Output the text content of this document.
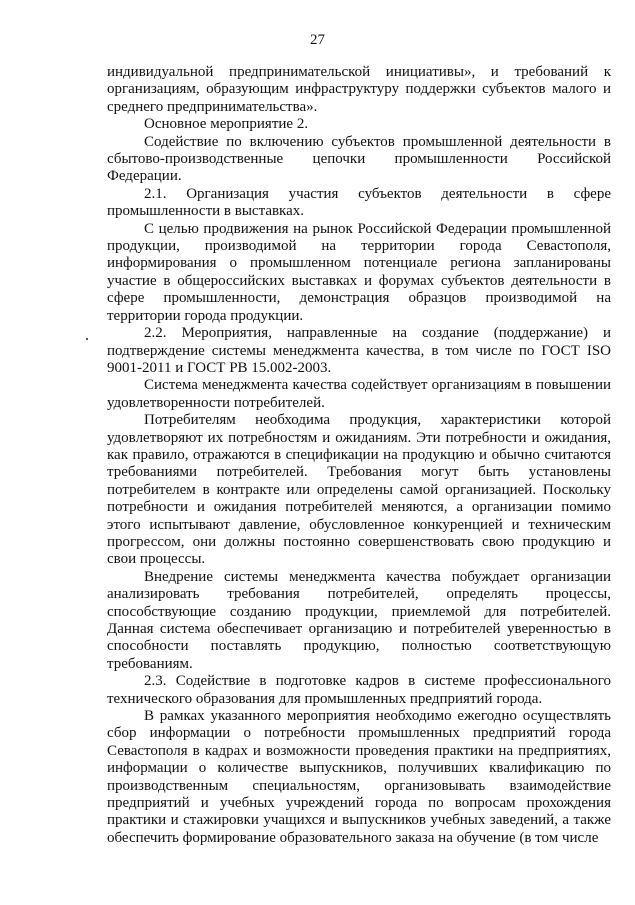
27

индивидуальной предпринимательской инициативы», и требований к организациям, образующим инфраструктуру поддержки субъектов малого и среднего предпринимательства».

Основное мероприятие 2.

Содействие по включению субъектов промышленной деятельности в сбытово-производственные цепочки промышленности Российской Федерации.

2.1. Организация участия субъектов деятельности в сфере промышленности в выставках.

С целью продвижения на рынок Российской Федерации промышленной продукции, производимой на территории города Севастополя, информирования о промышленном потенциале региона запланированы участие в общероссийских выставках и форумах субъектов деятельности в сфере промышленности, демонстрация образцов производимой на территории города продукции.

2.2. Мероприятия, направленные на создание (поддержание) и подтверждение системы менеджмента качества, в том числе по ГОСТ ISO 9001-2011 и ГОСТ РВ 15.002-2003.

Система менеджмента качества содействует организациям в повышении удовлетворенности потребителей.

Потребителям необходима продукция, характеристики которой удовлетворяют их потребностям и ожиданиям. Эти потребности и ожидания, как правило, отражаются в спецификации на продукцию и обычно считаются требованиями потребителей. Требования могут быть установлены потребителем в контракте или определены самой организацией. Поскольку потребности и ожидания потребителей меняются, а организации помимо этого испытывают давление, обусловленное конкуренцией и техническим прогрессом, они должны постоянно совершенствовать свою продукцию и свои процессы.

Внедрение системы менеджмента качества побуждает организации анализировать требования потребителей, определять процессы, способствующие созданию продукции, приемлемой для потребителей. Данная система обеспечивает организацию и потребителей уверенностью в способности поставлять продукцию, полностью соответствующую требованиям.

2.3. Содействие в подготовке кадров в системе профессионального технического образования для промышленных предприятий города.

В рамках указанного мероприятия необходимо ежегодно осуществлять сбор информации о потребности промышленных предприятий города Севастополя в кадрах и возможности проведения практики на предприятиях, информации о количестве выпускников, получивших квалификацию по производственным специальностям, организовывать взаимодействие предприятий и учебных учреждений города по вопросам прохождения практики и стажировки учащихся и выпускников учебных заведений, а также обеспечить формирование образовательного заказа на обучение (в том числе
